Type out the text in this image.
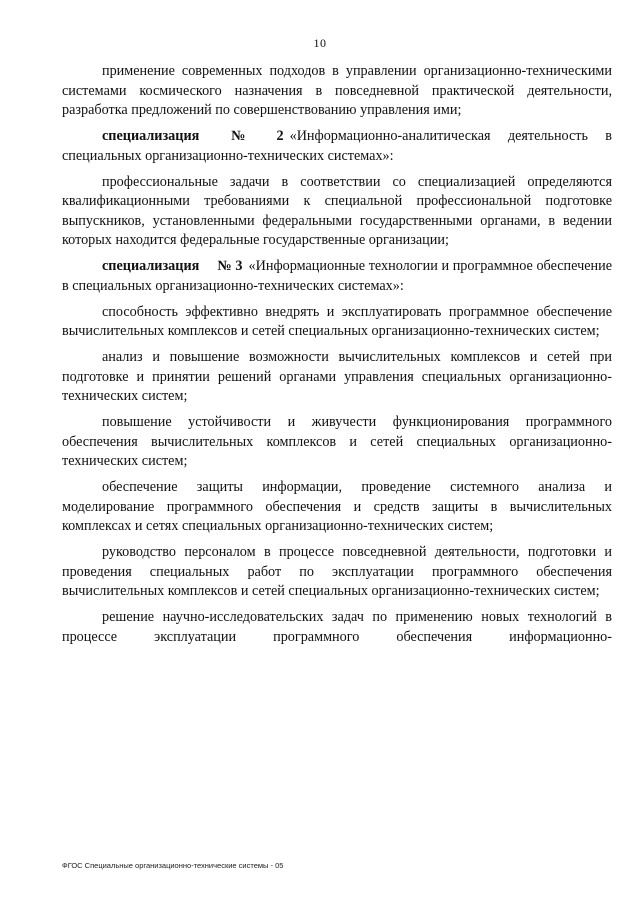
10

применение современных подходов в управлении организационно-техническими системами космического назначения в повседневной практической деятельности, разработка предложений по совершенствованию управления ими;

специализация № 2 «Информационно-аналитическая деятельность в специальных организационно-технических системах»:

профессиональные задачи в соответствии со специализацией определяются квалификационными требованиями к специальной профессиональной подготовке выпускников, установленными федеральными государственными органами, в ведении которых находится федеральные государственные организации;

специализация № 3 «Информационные технологии и программное обеспечение в специальных организационно-технических системах»:

способность эффективно внедрять и эксплуатировать программное обеспечение вычислительных комплексов и сетей специальных организационно-технических систем;

анализ и повышение возможности вычислительных комплексов и сетей при подготовке и принятии решений органами управления специальных организационно-технических систем;

повышение устойчивости и живучести функционирования программного обеспечения вычислительных комплексов и сетей специальных организационно-технических систем;

обеспечение защиты информации, проведение системного анализа и моделирование программного обеспечения и средств защиты в вычислительных комплексах и сетях специальных организационно-технических систем;

руководство персоналом в процессе повседневной деятельности, подготовки и проведения специальных работ по эксплуатации программного обеспечения вычислительных комплексов и сетей специальных организационно-технических систем;

решение научно-исследовательских задач по применению новых технологий в процессе эксплуатации программного обеспечения информационно-

ФГОС Специальные организационно-технические системы - 05
